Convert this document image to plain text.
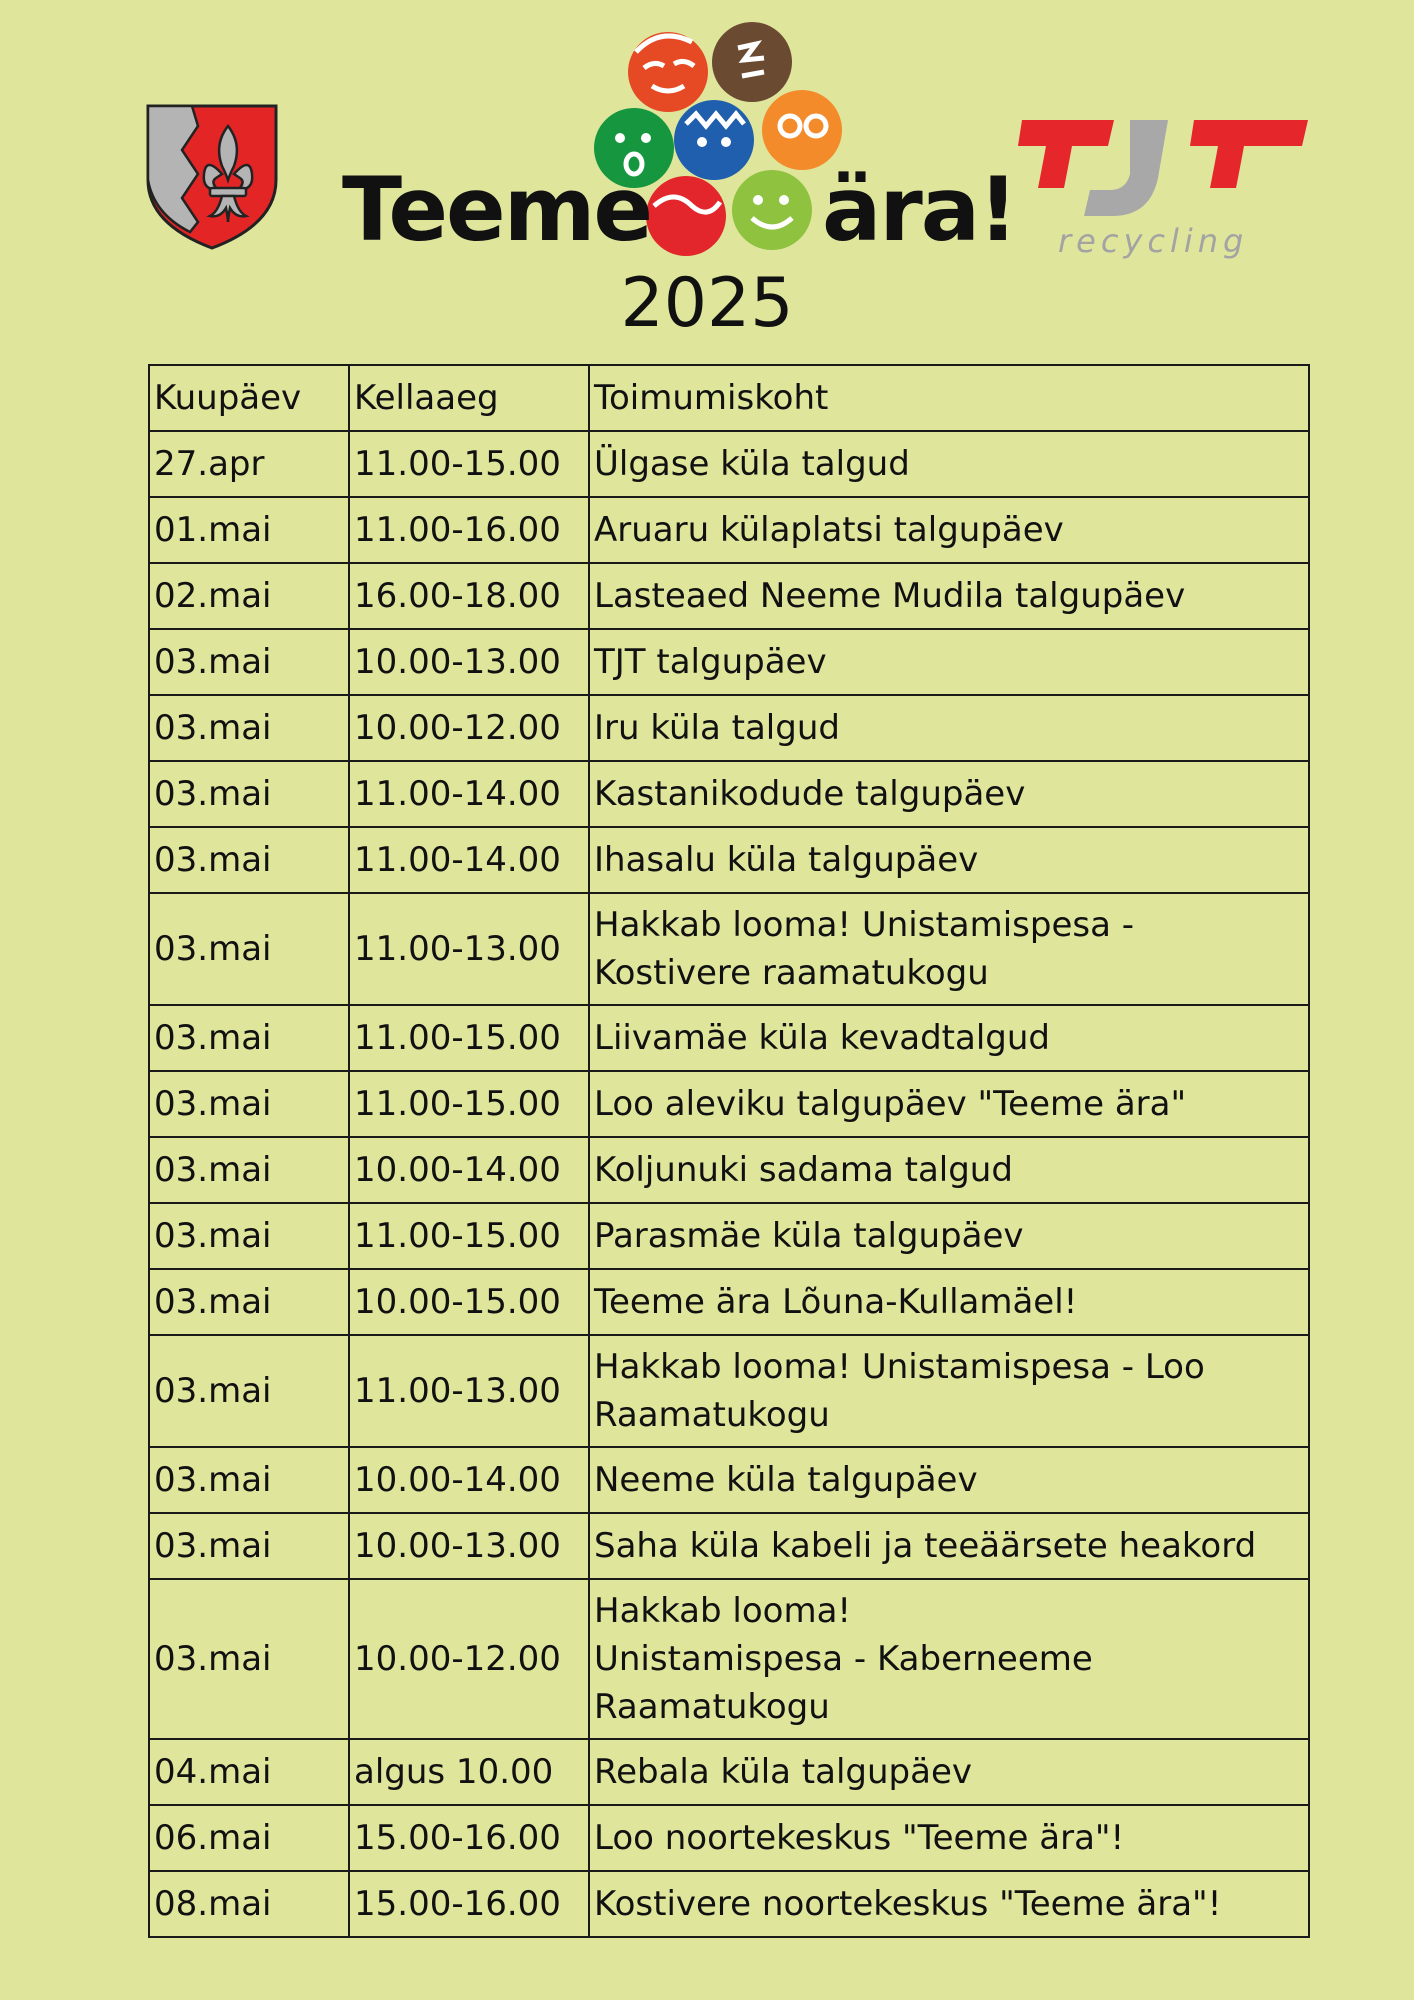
Teeme ära!
TJT
recycling
2025
Kuupäev	Kellaaeg	Toimumiskoht
27.apr	11.00-15.00	Ülgase küla talgud
01.mai	11.00-16.00	Aruaru külaplatsi talgupäev
02.mai	16.00-18.00	Lasteaed Neeme Mudila talgupäev
03.mai	10.00-13.00	TJT talgupäev
03.mai	10.00-12.00	Iru küla talgud
03.mai	11.00-14.00	Kastanikodude talgupäev
03.mai	11.00-14.00	Ihasalu küla talgupäev
03.mai	11.00-13.00	Hakkab looma! Unistamispesa -
Kostivere raamatukogu

03.mai	11.00-15.00	Liivamäe küla kevadtalgud
03.mai	11.00-15.00	Loo aleviku talgupäev "Teeme ära"
03.mai	10.00-14.00	Koljunuki sadama talgud
03.mai	11.00-15.00	Parasmäe küla talgupäev
03.mai	10.00-15.00	Teeme ära Lõuna-Kullamäel!
03.mai	11.00-13.00	Hakkab looma! Unistamispesa - Loo
Raamatukogu

03.mai	10.00-14.00	Neeme küla talgupäev
03.mai	10.00-13.00	Saha küla kabeli ja teeäärsete heakord
03.mai	10.00-12.00	Hakkab looma!
Unistamispesa - Kaberneeme
Raamatukogu

04.mai	algus 10.00	Rebala küla talgupäev
06.mai	15.00-16.00	Loo noortekeskus "Teeme ära"!
08.mai	15.00-16.00	Kostivere noortekeskus "Teeme ära"!
